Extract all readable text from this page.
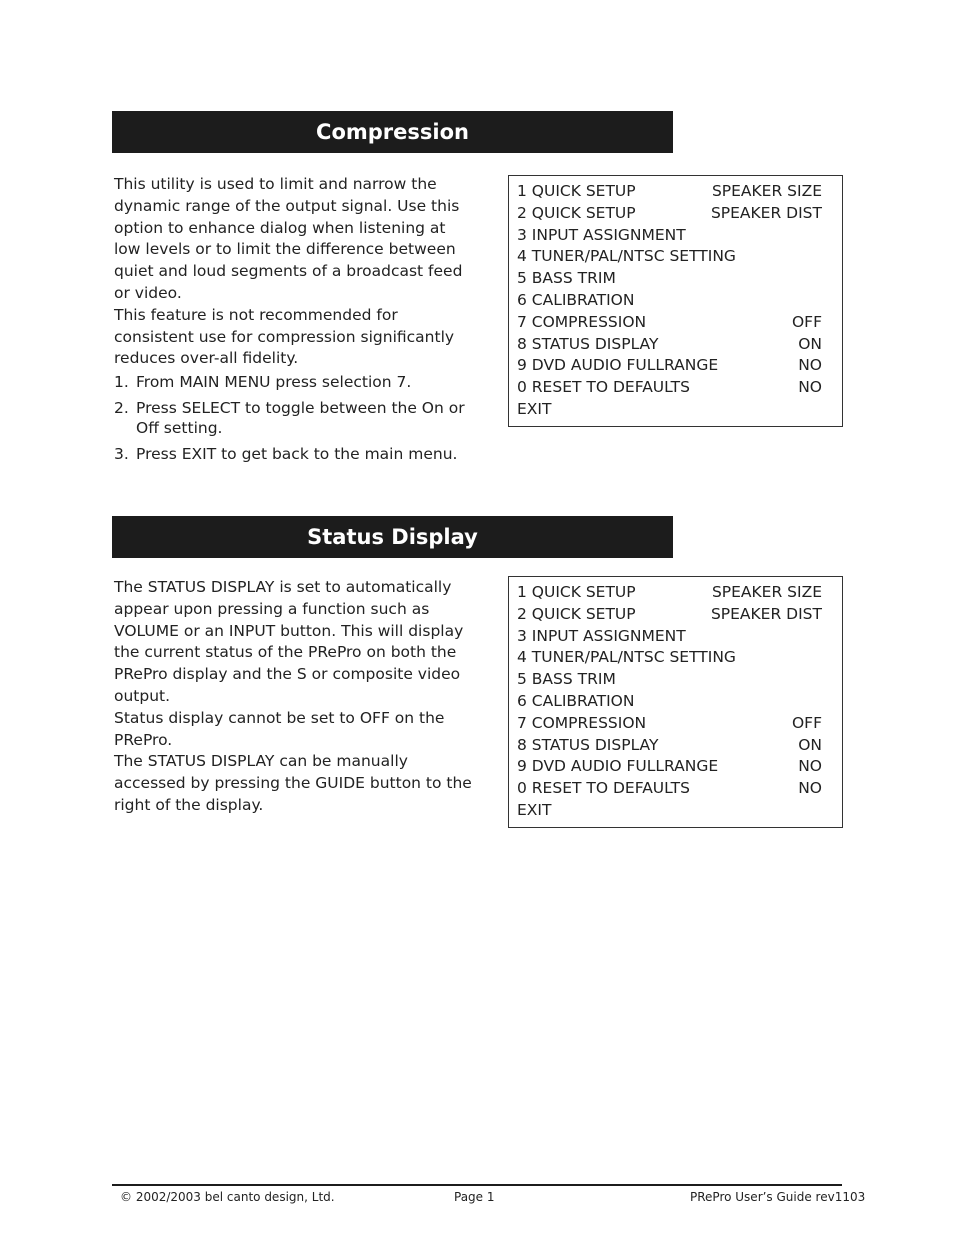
Compression

This utility is used to limit and narrow the dynamic range of the output signal. Use this option to enhance dialog when listening at low levels or to limit the difference between quiet and loud segments of a broadcast feed or video.

This feature is not recommended for consistent use for compression significantly reduces over-all fidelity.

1. From MAIN MENU press selection 7.
2. Press SELECT to toggle between the On or Off setting.
3. Press EXIT to get back to the main menu.
1 QUICK SETUP	SPEAKER SIZE
2 QUICK SETUP	SPEAKER DIST
3 INPUT ASSIGNMENT
4 TUNER/PAL/NTSC SETTING
5 BASS TRIM
6 CALIBRATION
7 COMPRESSION	OFF
8 STATUS DISPLAY	ON
9 DVD AUDIO FULLRANGE	NO
0 RESET TO DEFAULTS	NO
EXIT
Status Display

The STATUS DISPLAY is set to automatically appear upon pressing a function such as VOLUME or an INPUT button. This will display the current status of the PRePro on both the PRePro display and the S or composite video output.

Status display cannot be set to OFF on the PRePro.

The STATUS DISPLAY can be manually accessed by pressing the GUIDE button to the right of the display.

1 QUICK SETUP	SPEAKER SIZE
2 QUICK SETUP	SPEAKER DIST
3 INPUT ASSIGNMENT
4 TUNER/PAL/NTSC SETTING
5 BASS TRIM
6 CALIBRATION
7 COMPRESSION	OFF
8 STATUS DISPLAY	ON
9 DVD AUDIO FULLRANGE	NO
0 RESET TO DEFAULTS	NO
EXIT
© 2002/2003 bel canto design, Ltd.	Page 1	PRePro User’s Guide rev1103
